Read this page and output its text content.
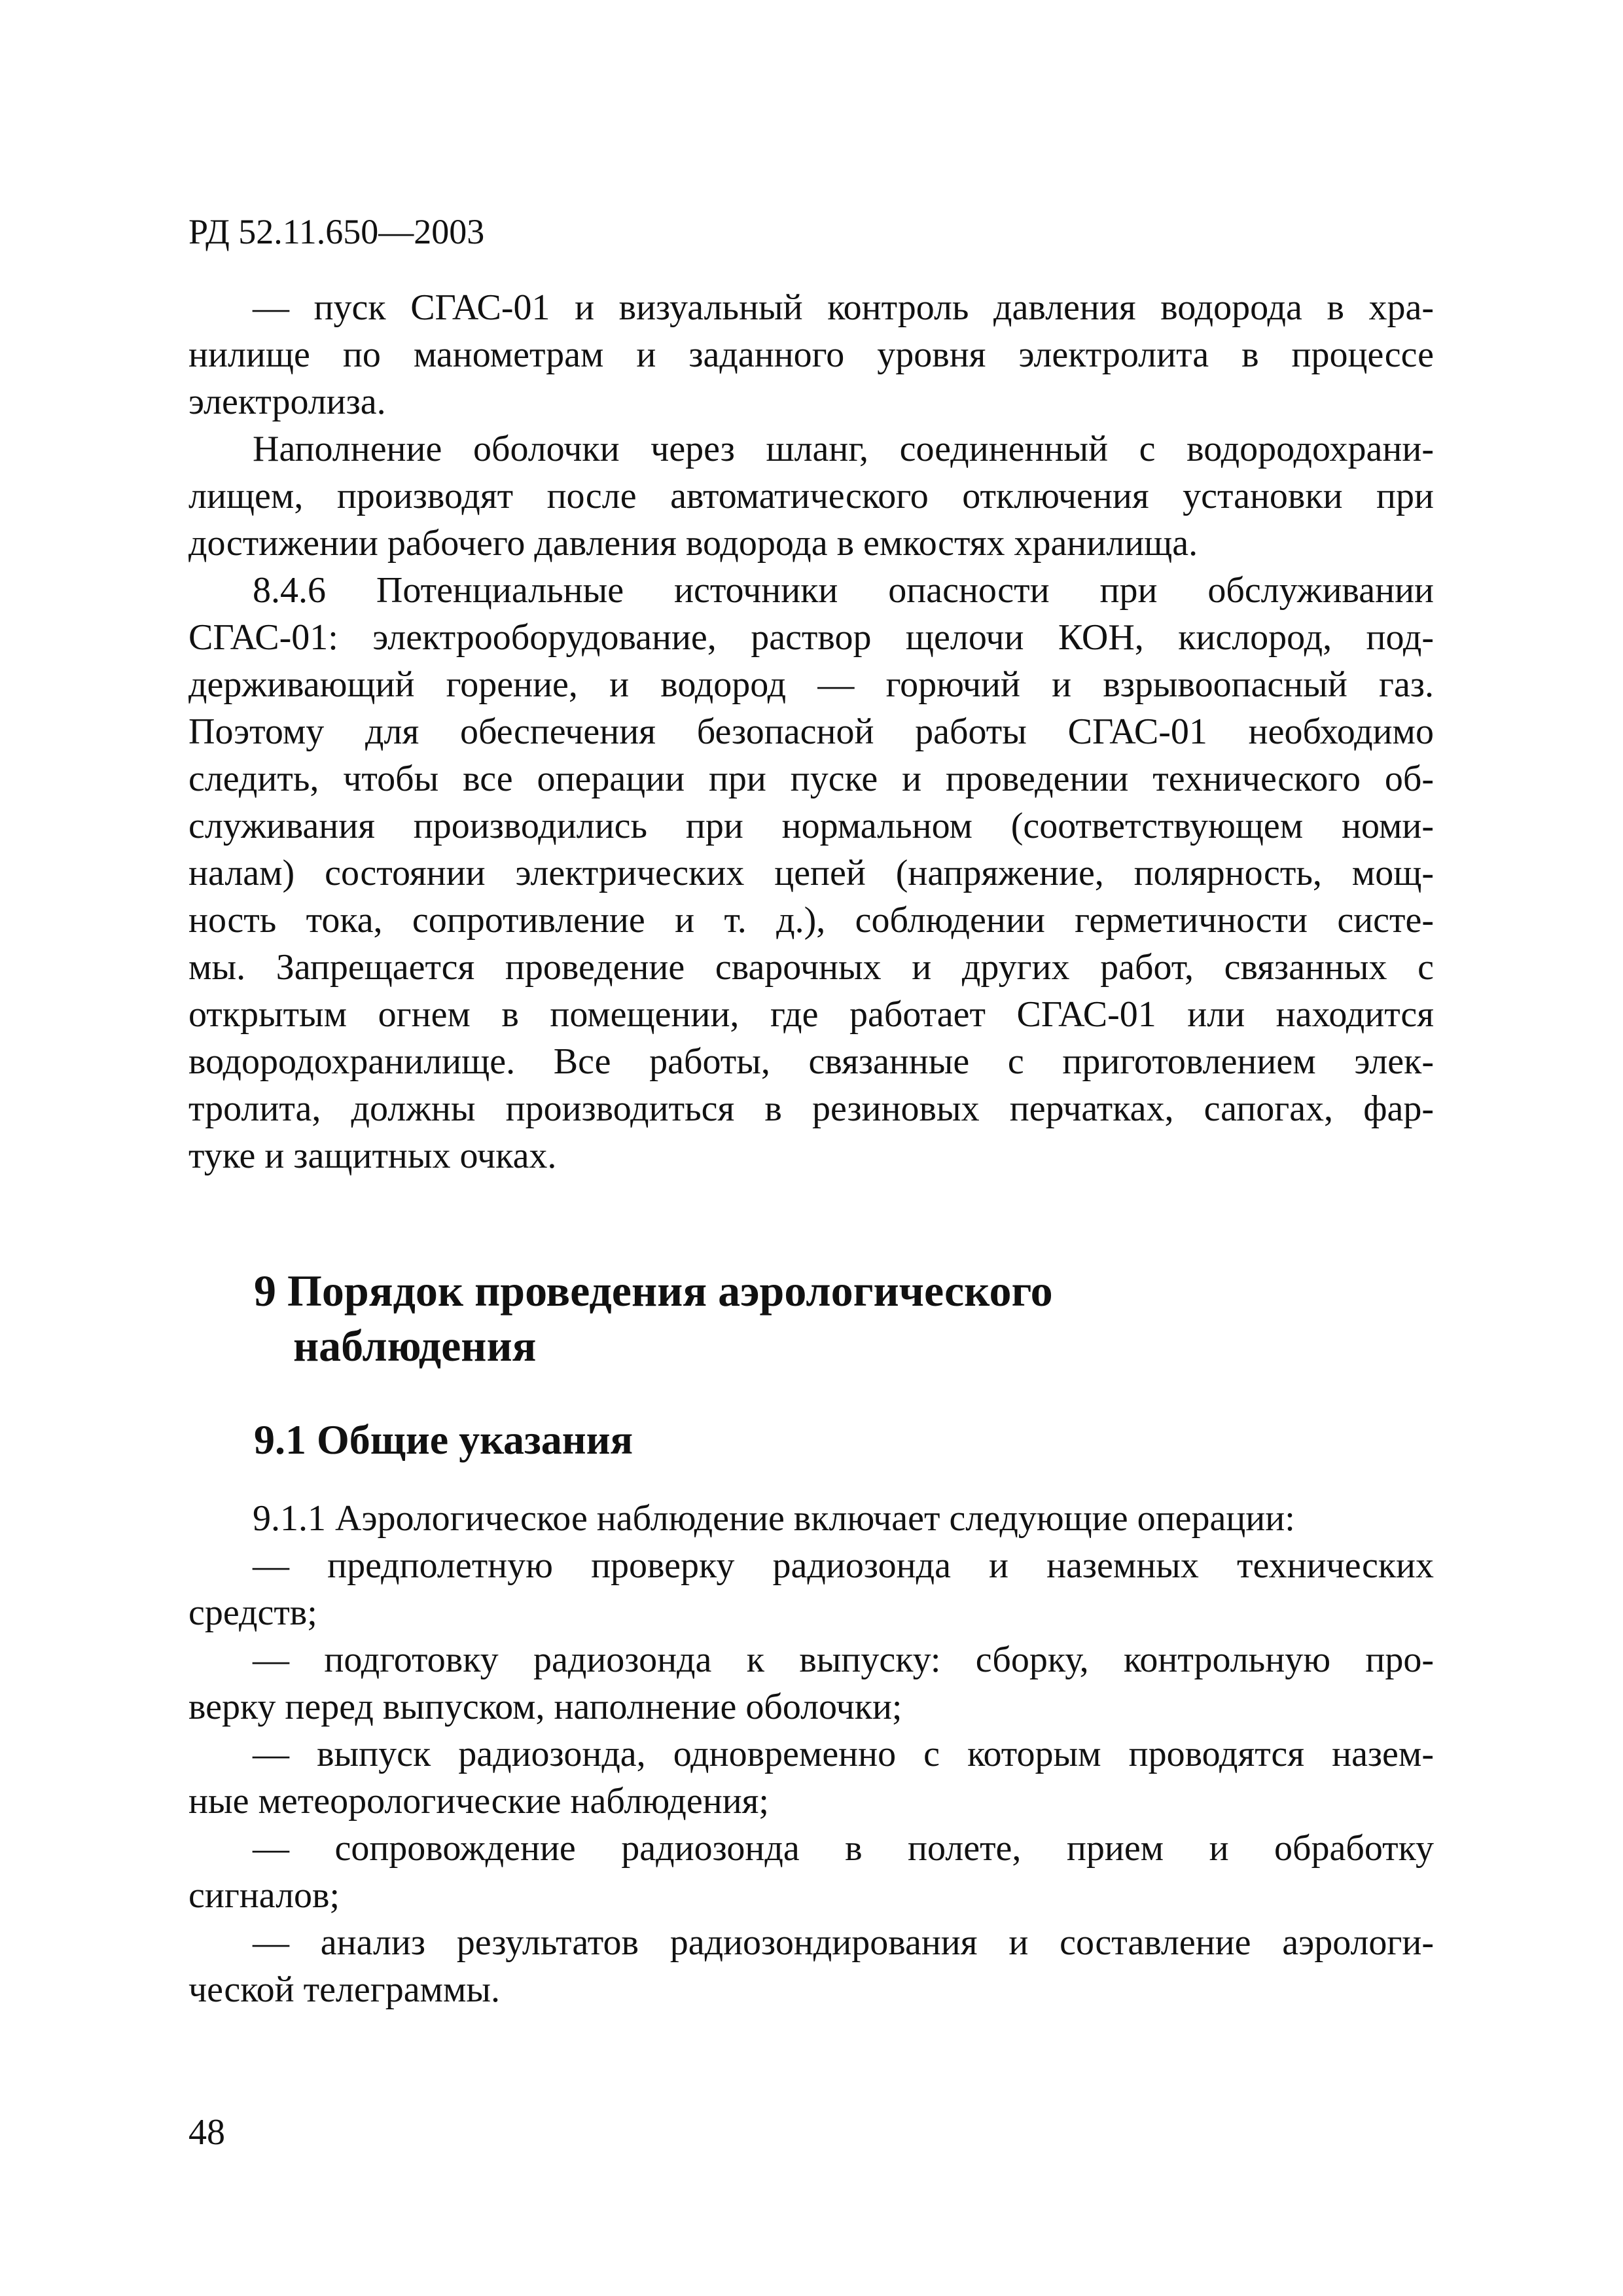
РД 52.11.650—2003
— пуск СГАС-01 и визуальный контроль давления водорода в хра-
нилище по манометрам и заданного уровня электролита в процессе
электролиза.
Наполнение оболочки через шланг, соединенный с водородохрани-
лищем, производят после автоматического отключения установки при
достижении рабочего давления водорода в емкостях хранилища.
8.4.6 Потенциальные источники опасности при обслуживании
СГАС-01: электрооборудование, раствор щелочи КОН, кислород, под-
держивающий горение, и водород — горючий и взрывоопасный газ.
Поэтому для обеспечения безопасной работы СГАС-01 необходимо
следить, чтобы все операции при пуске и проведении технического об-
служивания производились при нормальном (соответствующем номи-
налам) состоянии электрических цепей (напряжение, полярность, мощ-
ность тока, сопротивление и т. д.), соблюдении герметичности систе-
мы. Запрещается проведение сварочных и других работ, связанных с
открытым огнем в помещении, где работает СГАС-01 или находится
водородохранилище. Все работы, связанные с приготовлением элек-
тролита, должны производиться в резиновых перчатках, сапогах, фар-
туке и защитных очках.
9 Порядок проведения аэрологического
наблюдения
9.1 Общие указания
9.1.1 Аэрологическое наблюдение включает следующие операции:
— предполетную проверку радиозонда и наземных технических
средств;
— подготовку радиозонда к выпуску: сборку, контрольную про-
верку перед выпуском, наполнение оболочки;
— выпуск радиозонда, одновременно с которым проводятся назем-
ные метеорологические наблюдения;
— сопровождение радиозонда в полете, прием и обработку
сигналов;
— анализ результатов радиозондирования и составление аэрологи-
ческой телеграммы.
48
